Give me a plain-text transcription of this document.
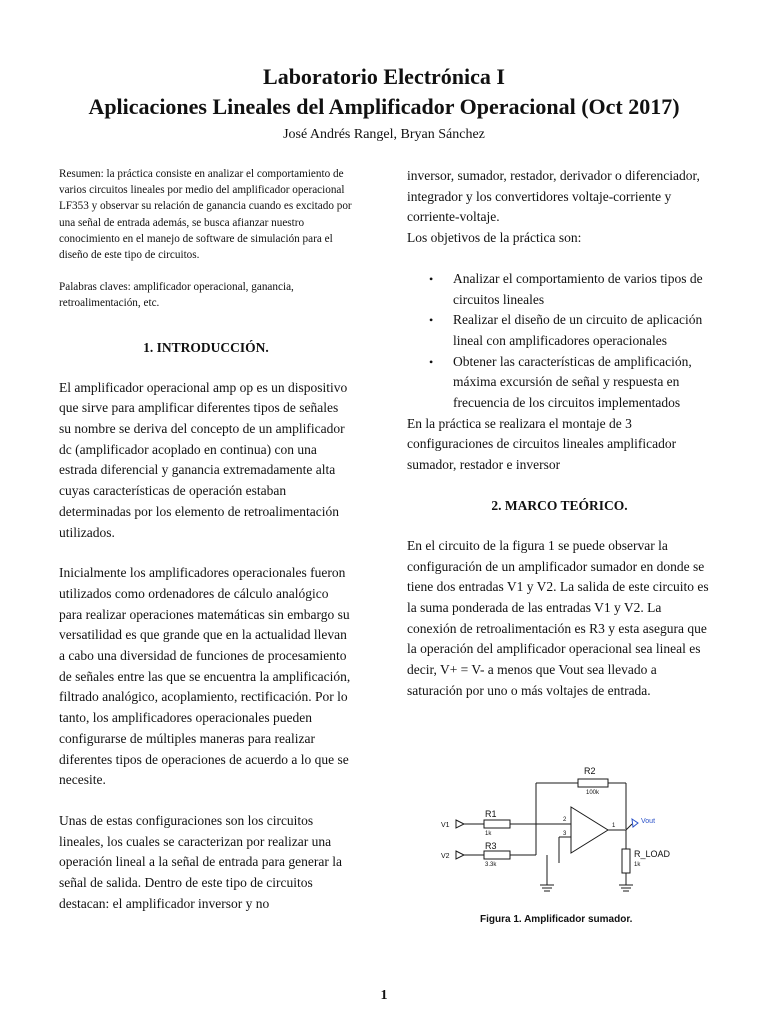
Laboratorio Electrónica I
Aplicaciones Lineales del Amplificador Operacional (Oct 2017)
José Andrés Rangel, Bryan Sánchez

Resumen: la práctica consiste en analizar el comportamiento de varios circuitos lineales por medio del amplificador operacional LF353 y observar su relación de ganancia cuando es excitado por una señal de entrada además, se busca afianzar nuestro conocimiento en el manejo de software de simulación para el diseño de este tipo de circuitos.

Palabras claves: amplificador operacional, ganancia, retroalimentación, etc.

1. INTRODUCCIÓN.

El amplificador operacional amp op es un dispositivo que sirve para amplificar diferentes tipos de señales su nombre se deriva del concepto de un amplificador dc (amplificador acoplado en continua) con una estrada diferencial y ganancia extremadamente alta cuyas características de operación estaban determinadas por los elemento de retroalimentación utilizados.

Inicialmente los amplificadores operacionales fueron utilizados como ordenadores de cálculo analógico para realizar operaciones matemáticas sin embargo su versatilidad es que grande que en la actualidad llevan a cabo una diversidad de funciones de procesamiento de señales entre las que se encuentra la amplificación, filtrado analógico, acoplamiento, rectificación. Por lo tanto, los amplificadores operacionales pueden configurarse de múltiples maneras para realizar diferentes tipos de operaciones de acuerdo a lo que se necesite.

Unas de estas configuraciones son los circuitos lineales, los cuales se caracterizan por realizar una operación lineal a la señal de entrada para generar la señal de salida. Dentro de este tipo de circuitos destacan: el amplificador inversor y no

inversor, sumador, restador, derivador o diferenciador, integrador y los convertidores voltaje-corriente y corriente-voltaje.

Los objetivos de la práctica son:

• Analizar el comportamiento de varios tipos de circuitos lineales
• Realizar el diseño de un circuito de aplicación lineal con amplificadores operacionales
• Obtener las características de amplificación, máxima excursión de señal y respuesta en frecuencia de los circuitos implementados

En la práctica se realizara el montaje de 3 configuraciones de circuitos lineales amplificador sumador, restador e inversor

2. MARCO TEÓRICO.

En el circuito de la figura 1 se puede observar la configuración de un amplificador sumador en donde se tiene dos entradas V1 y V2. La salida de este circuito es la suma ponderada de las entradas V1 y V2. La conexión de retroalimentación es R3 y esta asegura que la operación del amplificador operacional sea lineal es decir, V+ = V- a menos que Vout sea llevado a saturación por uno o más voltajes de entrada.

R2
100k
R1
1k
R3
3.3k
V1
V2
Vout
R_LOAD
1k
1
2
3
Figura 1. Amplificador sumador.
1
